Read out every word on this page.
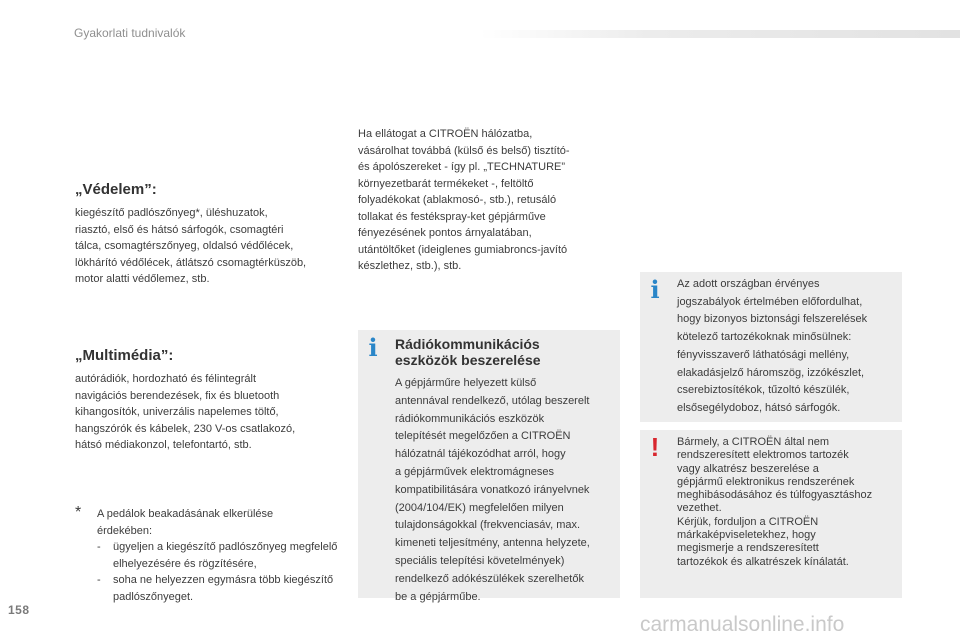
Gyakorlati tudnivalók
„Védelem”:
kiegészítő padlószőnyeg*, üléshuzatok,
riasztó, első és hátsó sárfogók, csomagtéri
tálca, csomagtérszőnyeg, oldalsó védőlécek,
lökhárító védőlécek, átlátszó csomagtérküszöb,
motor alatti védőlemez, stb.
„Multimédia”:
autórádiók, hordozható és félintegrált
navigációs berendezések, fix és bluetooth
kihangosítók, univerzális napelemes töltő,
hangszórók és kábelek, 230 V-os csatlakozó,
hátsó médiakonzol, telefontartó, stb.
* A pedálok beakadásának elkerülése
érdekében:
-	ügyeljen a kiegészítő padlószőnyeg megfelelő elhelyezésére és rögzítésére,
-	soha ne helyezzen egymásra több kiegészítő padlószőnyeget.
Ha ellátogat a CITROËN hálózatba,
vásárolhat továbbá (külső és belső) tisztító-
és ápolószereket - így pl. „TECHNATURE”
környezetbarát termékeket -, feltöltő
folyadékokat (ablakmosó-, stb.), retusáló
tollakat és festékspray-ket gépjárműve
fényezésének pontos árnyalatában,
utántöltőket (ideiglenes gumiabroncs-javító
készlethez, stb.), stb.
i Rádiókommunikációs
eszközök beszerelése
A gépjárműre helyezett külső
antennával rendelkező, utólag beszerelt
rádiókommunikációs eszközök
telepítését megelőzően a CITROËN
hálózatnál tájékozódhat arról, hogy
a gépjárművek elektromágneses
kompatibilitására vonatkozó irányelvnek
(2004/104/EK) megfelelően milyen
tulajdonságokkal (frekvenciasáv, max.
kimeneti teljesítmény, antenna helyzete,
speciális telepítési követelmények)
rendelkező adókészülékek szerelhetők
be a gépjárműbe.
i Az adott országban érvényes
jogszabályok értelmében előfordulhat,
hogy bizonyos biztonsági felszerelések
kötelező tartozékoknak minősülnek:
fényvisszaverő láthatósági mellény,
elakadásjelző háromszög, izzókészlet,
cserebiztosítékok, tűzoltó készülék,
elsősegélydoboz, hátsó sárfogók.
! Bármely, a CITROËN által nem
rendszeresített elektromos tartozék
vagy alkatrész beszerelése a
gépjármű elektronikus rendszerének
meghibásodásához és túlfogyasztáshoz
vezethet.
Kérjük, forduljon a CITROËN
márkaképviseletekhez, hogy
megismerje a rendszeresített
tartozékok és alkatrészek kínálatát.
158
carmanualsonline.info
